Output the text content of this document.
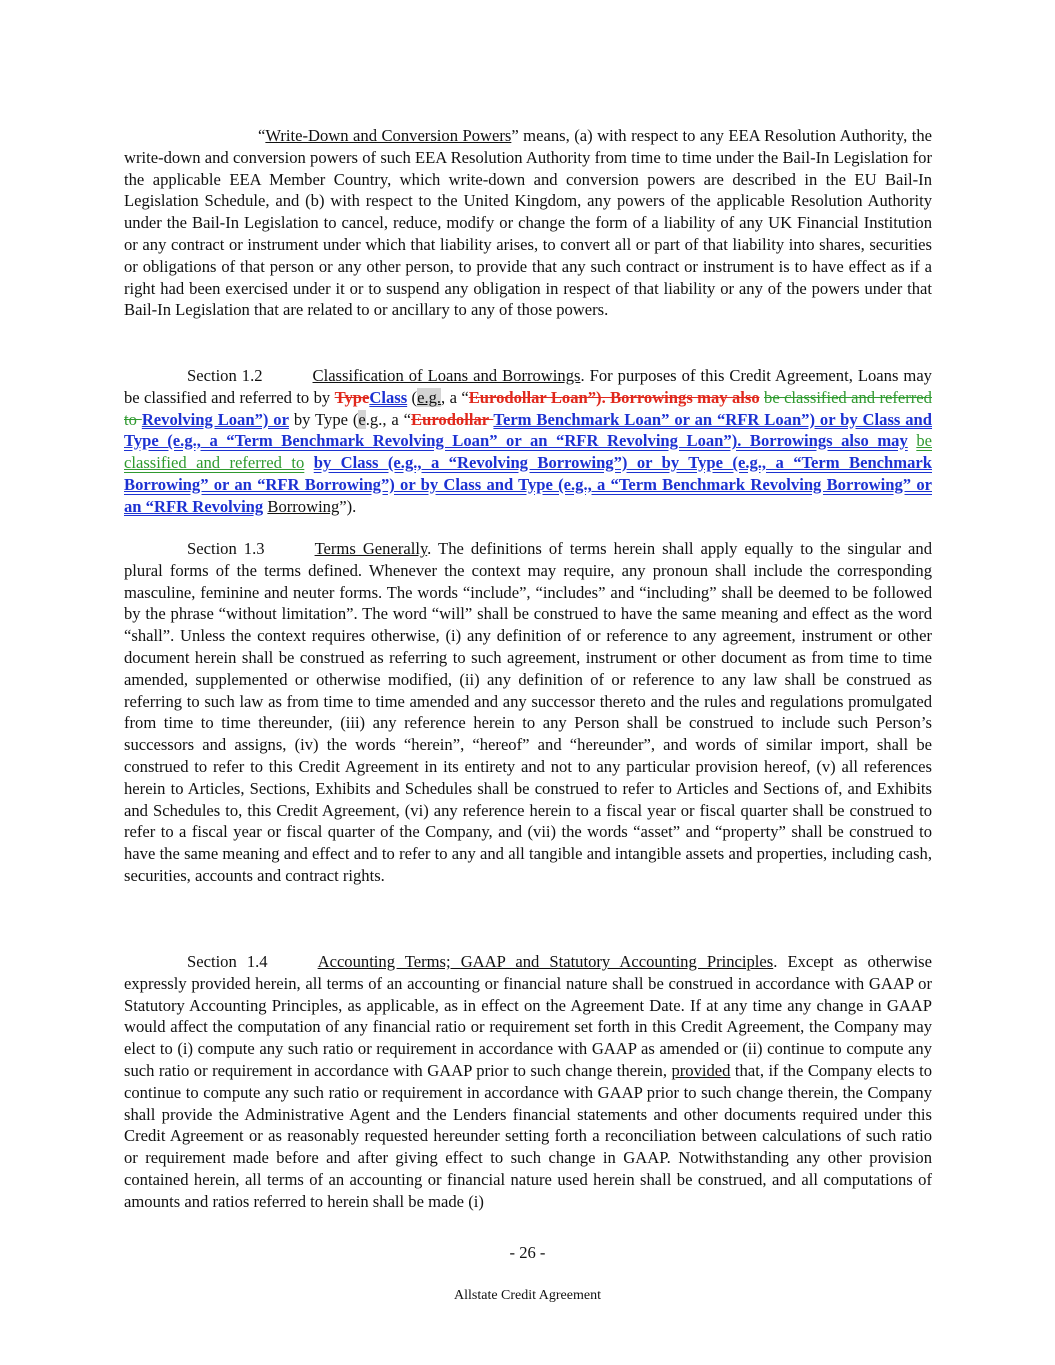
“Write-Down and Conversion Powers” means, (a) with respect to any EEA Resolution Authority, the write-down and conversion powers of such EEA Resolution Authority from time to time under the Bail-In Legislation for the applicable EEA Member Country, which write-down and conversion powers are described in the EU Bail-In Legislation Schedule, and (b) with respect to the United Kingdom, any powers of the applicable Resolution Authority under the Bail-In Legislation to cancel, reduce, modify or change the form of a liability of any UK Financial Institution or any contract or instrument under which that liability arises, to convert all or part of that liability into shares, securities or obligations of that person or any other person, to provide that any such contract or instrument is to have effect as if a right had been exercised under it or to suspend any obligation in respect of that liability or any of the powers under that Bail-In Legislation that are related to or ancillary to any of those powers.

Section 1.2	Classification of Loans and Borrowings. For purposes of this Credit Agreement, Loans may be classified and referred to by TypeClass (e.g., a “Eurodollar Loan”). Borrowings may also be classified and referred to Revolving Loan”) or by Type (e.g., a “Eurodollar Term Benchmark Loan” or an “RFR Loan”) or by Class and Type (e.g., a “Term Benchmark Revolving Loan” or an “RFR Revolving Loan”). Borrowings also may be classified and referred to by Class (e.g., a “Revolving Borrowing”) or by Type (e.g., a “Term Benchmark Borrowing” or an “RFR Borrowing”) or by Class and Type (e.g., a “Term Benchmark Revolving Borrowing” or an “RFR Revolving Borrowing”).

Section 1.3	Terms Generally. The definitions of terms herein shall apply equally to the singular and plural forms of the terms defined. Whenever the context may require, any pronoun shall include the corresponding masculine, feminine and neuter forms. The words “include”, “includes” and “including” shall be deemed to be followed by the phrase “without limitation”. The word “will” shall be construed to have the same meaning and effect as the word “shall”. Unless the context requires otherwise, (i) any definition of or reference to any agreement, instrument or other document herein shall be construed as referring to such agreement, instrument or other document as from time to time amended, supplemented or otherwise modified, (ii) any definition of or reference to any law shall be construed as referring to such law as from time to time amended and any successor thereto and the rules and regulations promulgated from time to time thereunder, (iii) any reference herein to any Person shall be construed to include such Person’s successors and assigns, (iv) the words “herein”, “hereof” and “hereunder”, and words of similar import, shall be construed to refer to this Credit Agreement in its entirety and not to any particular provision hereof, (v) all references herein to Articles, Sections, Exhibits and Schedules shall be construed to refer to Articles and Sections of, and Exhibits and Schedules to, this Credit Agreement, (vi) any reference herein to a fiscal year or fiscal quarter shall be construed to refer to a fiscal year or fiscal quarter of the Company, and (vii) the words “asset” and “property” shall be construed to have the same meaning and effect and to refer to any and all tangible and intangible assets and properties, including cash, securities, accounts and contract rights.

Section 1.4	Accounting Terms; GAAP and Statutory Accounting Principles. Except as otherwise expressly provided herein, all terms of an accounting or financial nature shall be construed in accordance with GAAP or Statutory Accounting Principles, as applicable, as in effect on the Agreement Date. If at any time any change in GAAP would affect the computation of any financial ratio or requirement set forth in this Credit Agreement, the Company may elect to (i) compute any such ratio or requirement in accordance with GAAP as amended or (ii) continue to compute any such ratio or requirement in accordance with GAAP prior to such change therein, provided that, if the Company elects to continue to compute any such ratio or requirement in accordance with GAAP prior to such change therein, the Company shall provide the Administrative Agent and the Lenders financial statements and other documents required under this Credit Agreement or as reasonably requested hereunder setting forth a reconciliation between calculations of such ratio or requirement made before and after giving effect to such change in GAAP. Notwithstanding any other provision contained herein, all terms of an accounting or financial nature used herein shall be construed, and all computations of amounts and ratios referred to herein shall be made (i)

- 26 -
Allstate Credit Agreement
